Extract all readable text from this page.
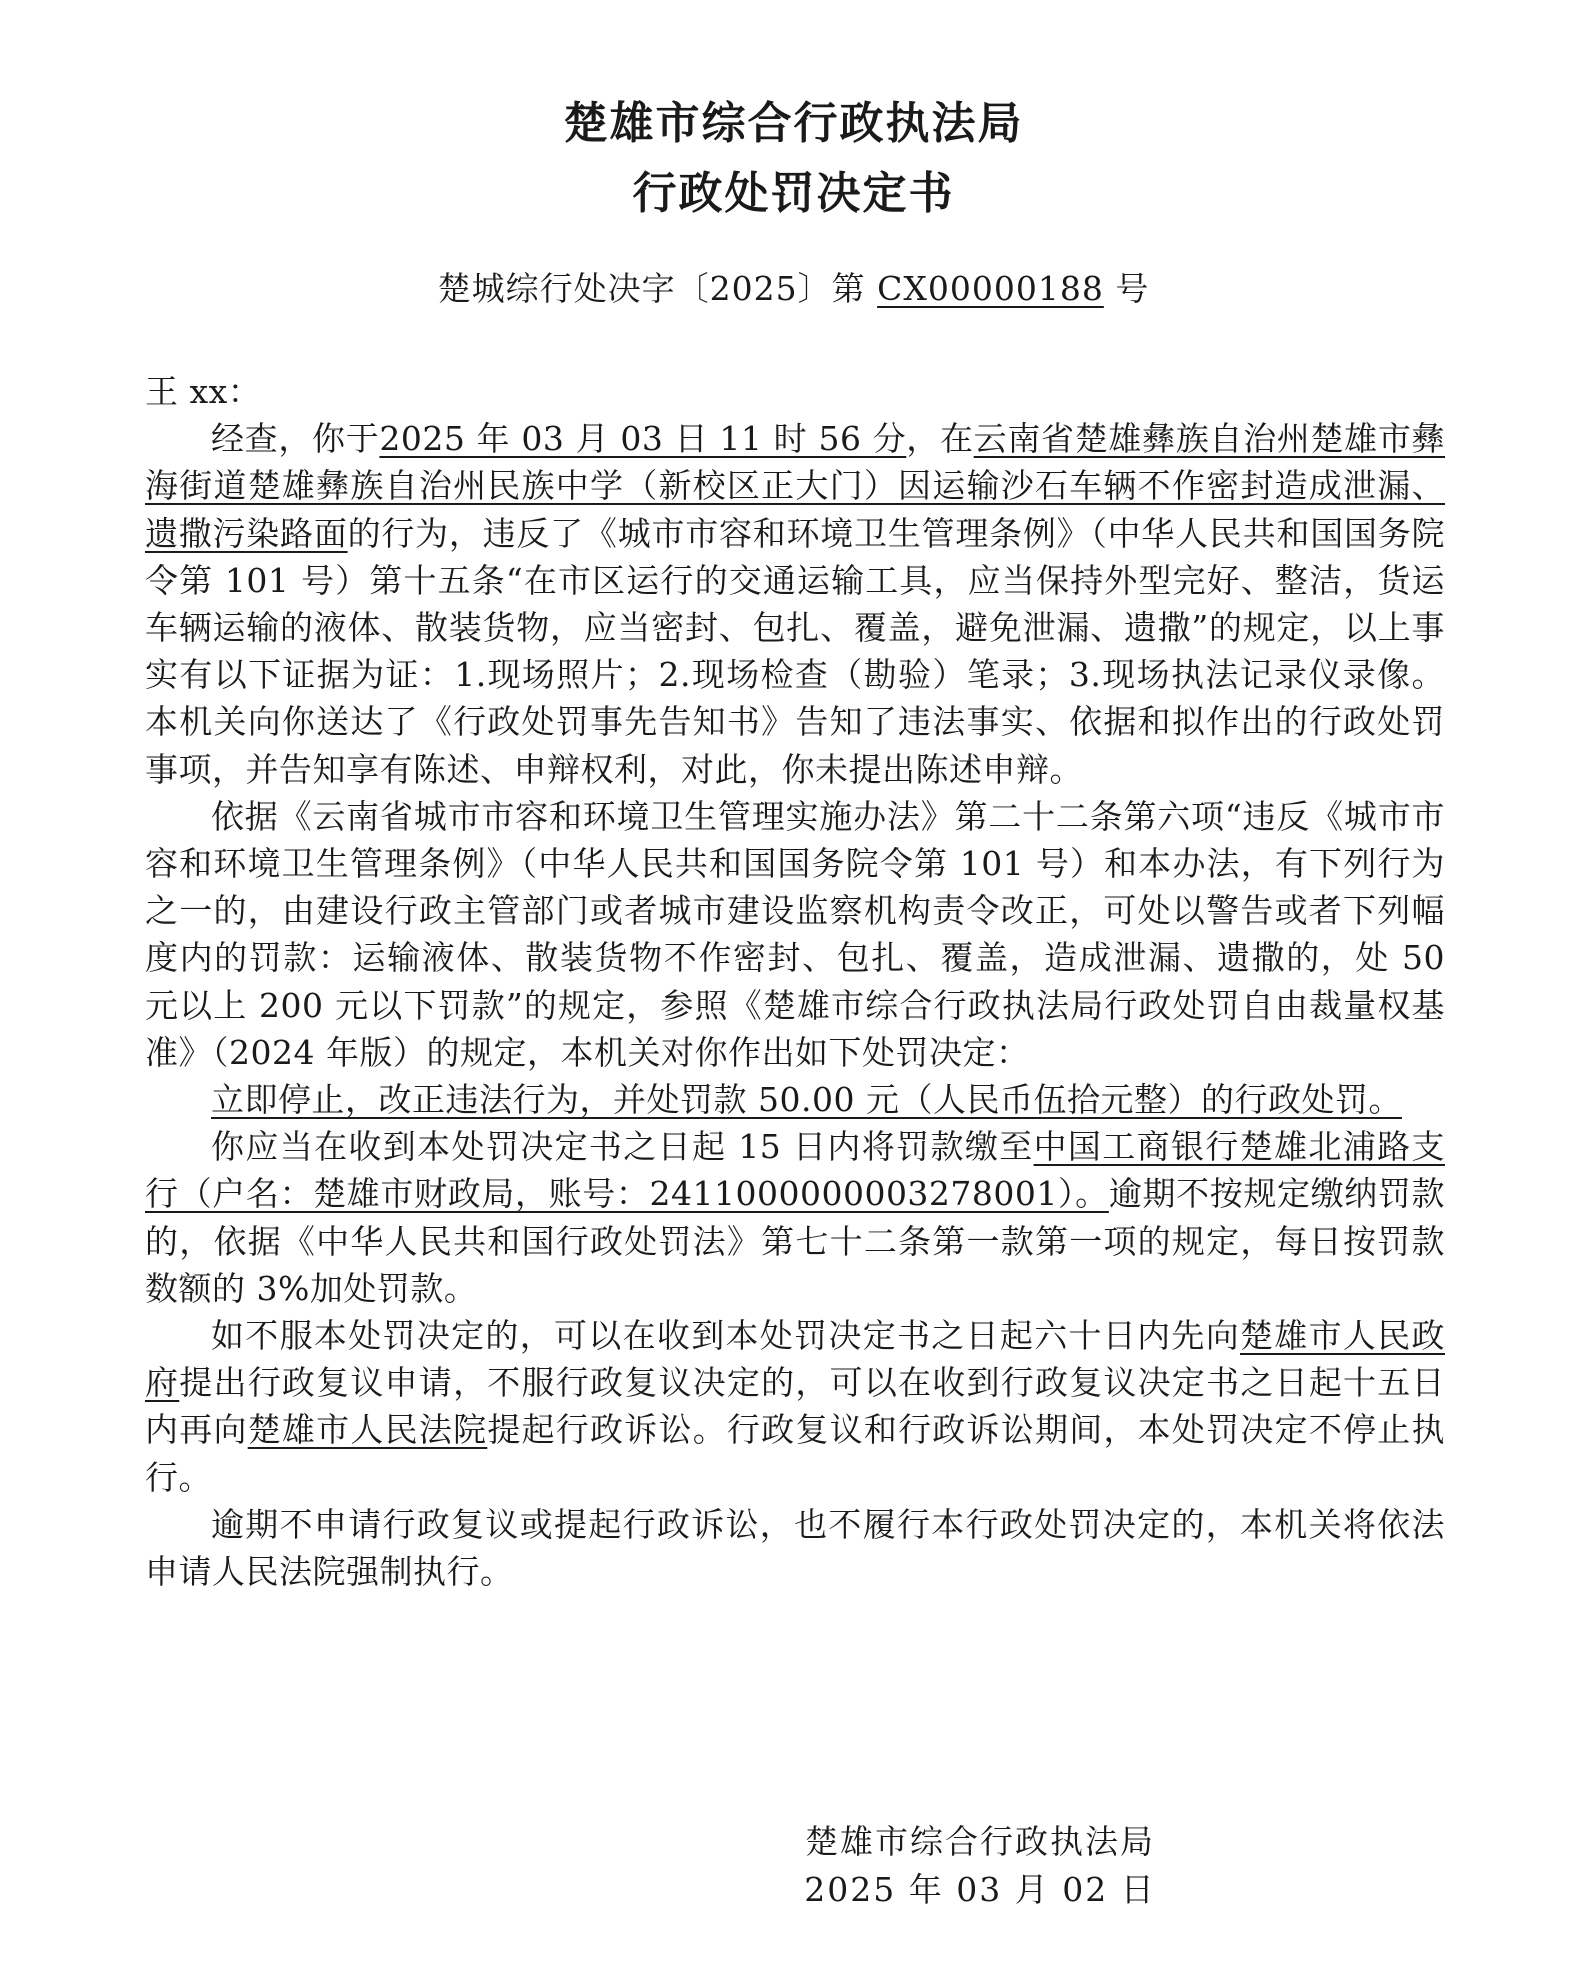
楚雄市综合行政执法局
行政处罚决定书
楚城综行处决字〔2025〕第 CX00000188 号

王 xx：

经查，你于2025 年 03 月 03 日 11 时 56 分，在云南省楚雄彝族自治州楚雄市彝海街道楚雄彝族自治州民族中学（新校区正大门）因运输沙石车辆不作密封造成泄漏、遗撒污染路面的行为，违反了《城市市容和环境卫生管理条例》（中华人民共和国国务院令第 101 号）第十五条“在市区运行的交通运输工具，应当保持外型完好、整洁，货运车辆运输的液体、散装货物，应当密封、包扎、覆盖，避免泄漏、遗撒”的规定，以上事实有以下证据为证：1.现场照片；2.现场检查（勘验）笔录；3.现场执法记录仪录像。本机关向你送达了《行政处罚事先告知书》告知了违法事实、依据和拟作出的行政处罚事项，并告知享有陈述、申辩权利，对此，你未提出陈述申辩。

依据《云南省城市市容和环境卫生管理实施办法》第二十二条第六项“违反《城市市容和环境卫生管理条例》（中华人民共和国国务院令第 101 号）和本办法，有下列行为之一的，由建设行政主管部门或者城市建设监察机构责令改正，可处以警告或者下列幅度内的罚款：运输液体、散装货物不作密封、包扎、覆盖，造成泄漏、遗撒的，处 50 元以上 200 元以下罚款”的规定，参照《楚雄市综合行政执法局行政处罚自由裁量权基准》（2024 年版）的规定，本机关对你作出如下处罚决定：

立即停止，改正违法行为，并处罚款 50.00 元（人民币伍拾元整）的行政处罚。

你应当在收到本处罚决定书之日起 15 日内将罚款缴至中国工商银行楚雄北浦路支行（户名：楚雄市财政局，账号：2411000000003278001）。逾期不按规定缴纳罚款的，依据《中华人民共和国行政处罚法》第七十二条第一款第一项的规定，每日按罚款数额的 3%加处罚款。

如不服本处罚决定的，可以在收到本处罚决定书之日起六十日内先向楚雄市人民政府提出行政复议申请，不服行政复议决定的，可以在收到行政复议决定书之日起十五日内再向楚雄市人民法院提起行政诉讼。行政复议和行政诉讼期间，本处罚决定不停止执行。

逾期不申请行政复议或提起行政诉讼，也不履行本行政处罚决定的，本机关将依法申请人民法院强制执行。

楚雄市综合行政执法局
2025 年 03 月 02 日
